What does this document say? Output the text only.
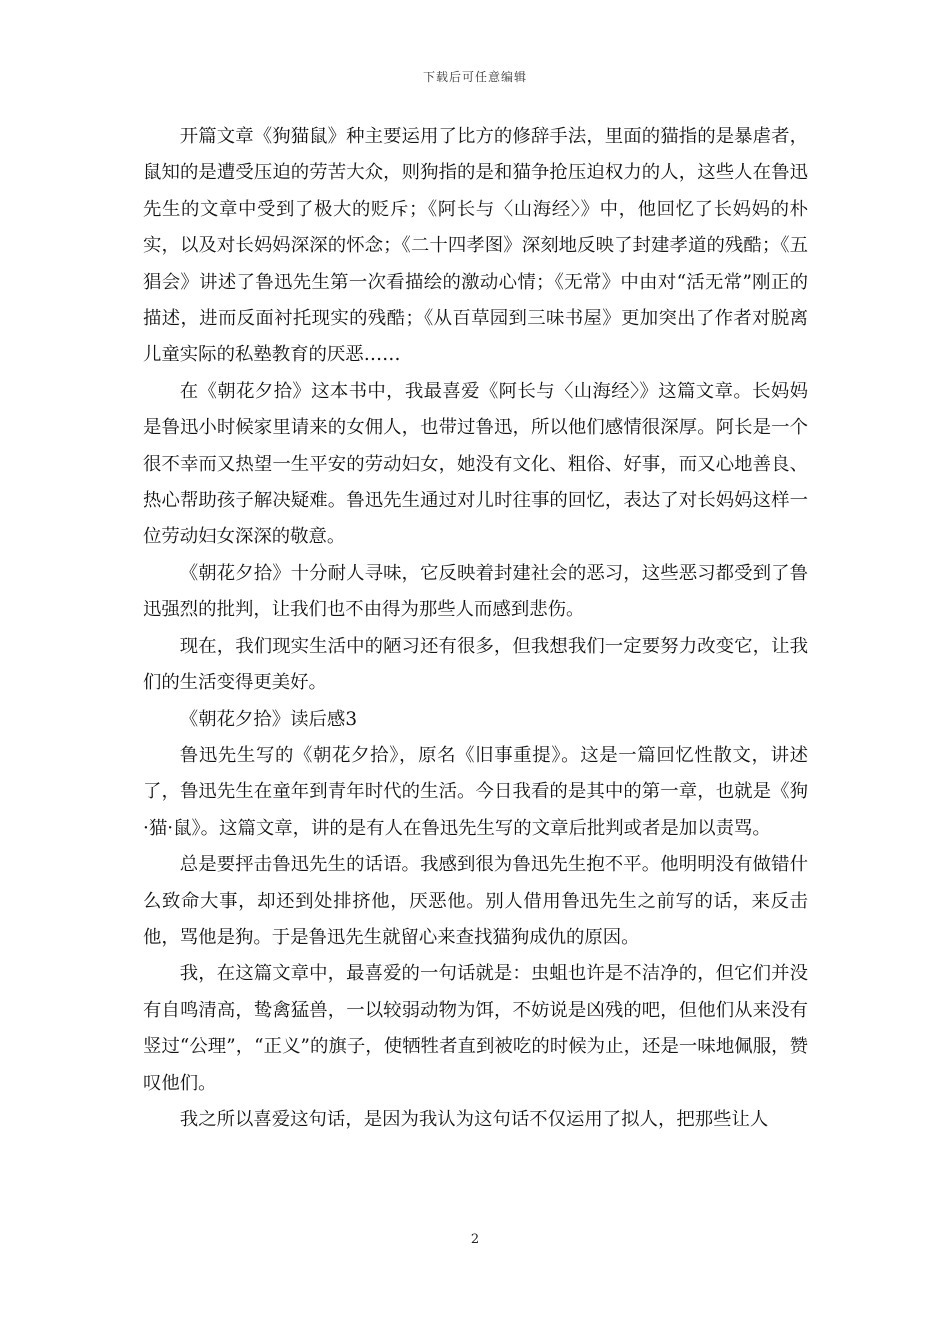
下载后可任意编辑

开篇文章《狗猫鼠》种主要运用了比方的修辞手法，里面的猫指的是暴虐者，鼠知的是遭受压迫的劳苦大众，则狗指的是和猫争抢压迫权力的人，这些人在鲁迅先生的文章中受到了极大的贬斥；《阿长与〈山海经〉》中，他回忆了长妈妈的朴实，以及对长妈妈深深的怀念；《二十四孝图》深刻地反映了封建孝道的残酷；《五猖会》讲述了鲁迅先生第一次看描绘的激动心情；《无常》中由对“活无常”刚正的描述，进而反面衬托现实的残酷；《从百草园到三味书屋》更加突出了作者对脱离儿童实际的私塾教育的厌恶……

在《朝花夕拾》这本书中，我最喜爱《阿长与〈山海经〉》这篇文章。长妈妈是鲁迅小时候家里请来的女佣人，也带过鲁迅，所以他们感情很深厚。阿长是一个很不幸而又热望一生平安的劳动妇女，她没有文化、粗俗、好事，而又心地善良、热心帮助孩子解决疑难。鲁迅先生通过对儿时往事的回忆，表达了对长妈妈这样一位劳动妇女深深的敬意。

《朝花夕拾》十分耐人寻味，它反映着封建社会的恶习，这些恶习都受到了鲁迅强烈的批判，让我们也不由得为那些人而感到悲伤。

现在，我们现实生活中的陋习还有很多，但我想我们一定要努力改变它，让我们的生活变得更美好。

《朝花夕拾》读后感3

鲁迅先生写的《朝花夕拾》，原名《旧事重提》。这是一篇回忆性散文，讲述了，鲁迅先生在童年到青年时代的生活。今日我看的是其中的第一章，也就是《狗·猫·鼠》。这篇文章，讲的是有人在鲁迅先生写的文章后批判或者是加以责骂。

总是要抨击鲁迅先生的话语。我感到很为鲁迅先生抱不平。他明明没有做错什么致命大事，却还到处排挤他，厌恶他。别人借用鲁迅先生之前写的话，来反击他，骂他是狗。于是鲁迅先生就留心来查找猫狗成仇的原因。

我，在这篇文章中，最喜爱的一句话就是：虫蛆也许是不洁净的，但它们并没有自鸣清高，鸷禽猛兽，一以较弱动物为饵，不妨说是凶残的吧，但他们从来没有竖过“公理”，“正义”的旗子，使牺牲者直到被吃的时候为止，还是一味地佩服，赞叹他们。

我之所以喜爱这句话，是因为我认为这句话不仅运用了拟人，把那些让人

2
